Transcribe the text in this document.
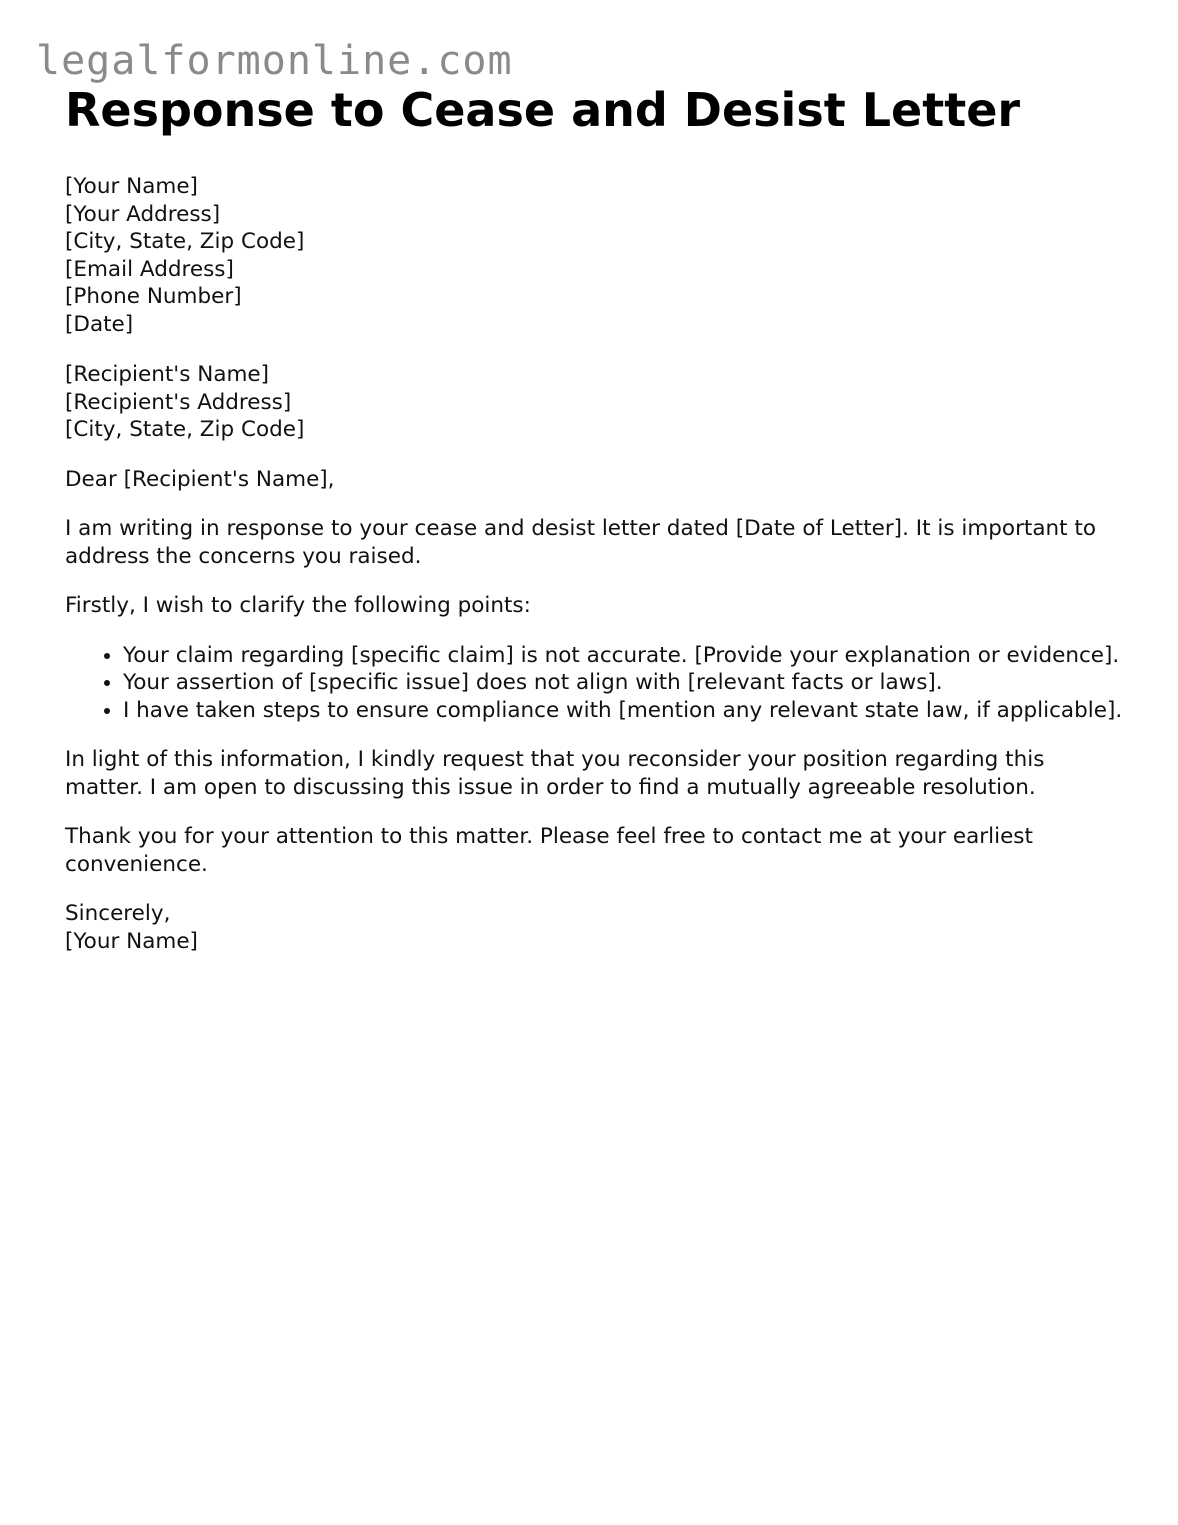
legalformonline.com
Response to Cease and Desist Letter
[Your Name]
[Your Address]
[City, State, Zip Code]
[Email Address]
[Phone Number]
[Date]
[Recipient's Name]
[Recipient's Address]
[City, State, Zip Code]

Dear [Recipient's Name],

I am writing in response to your cease and desist letter dated [Date of Letter]. It is important to address the concerns you raised.

Firstly, I wish to clarify the following points:

• Your claim regarding [specific claim] is not accurate. [Provide your explanation or evidence].
• Your assertion of [specific issue] does not align with [relevant facts or laws].
• I have taken steps to ensure compliance with [mention any relevant state law, if applicable].

In light of this information, I kindly request that you reconsider your position regarding this matter. I am open to discussing this issue in order to find a mutually agreeable resolution.

Thank you for your attention to this matter. Please feel free to contact me at your earliest convenience.

Sincerely,
[Your Name]
